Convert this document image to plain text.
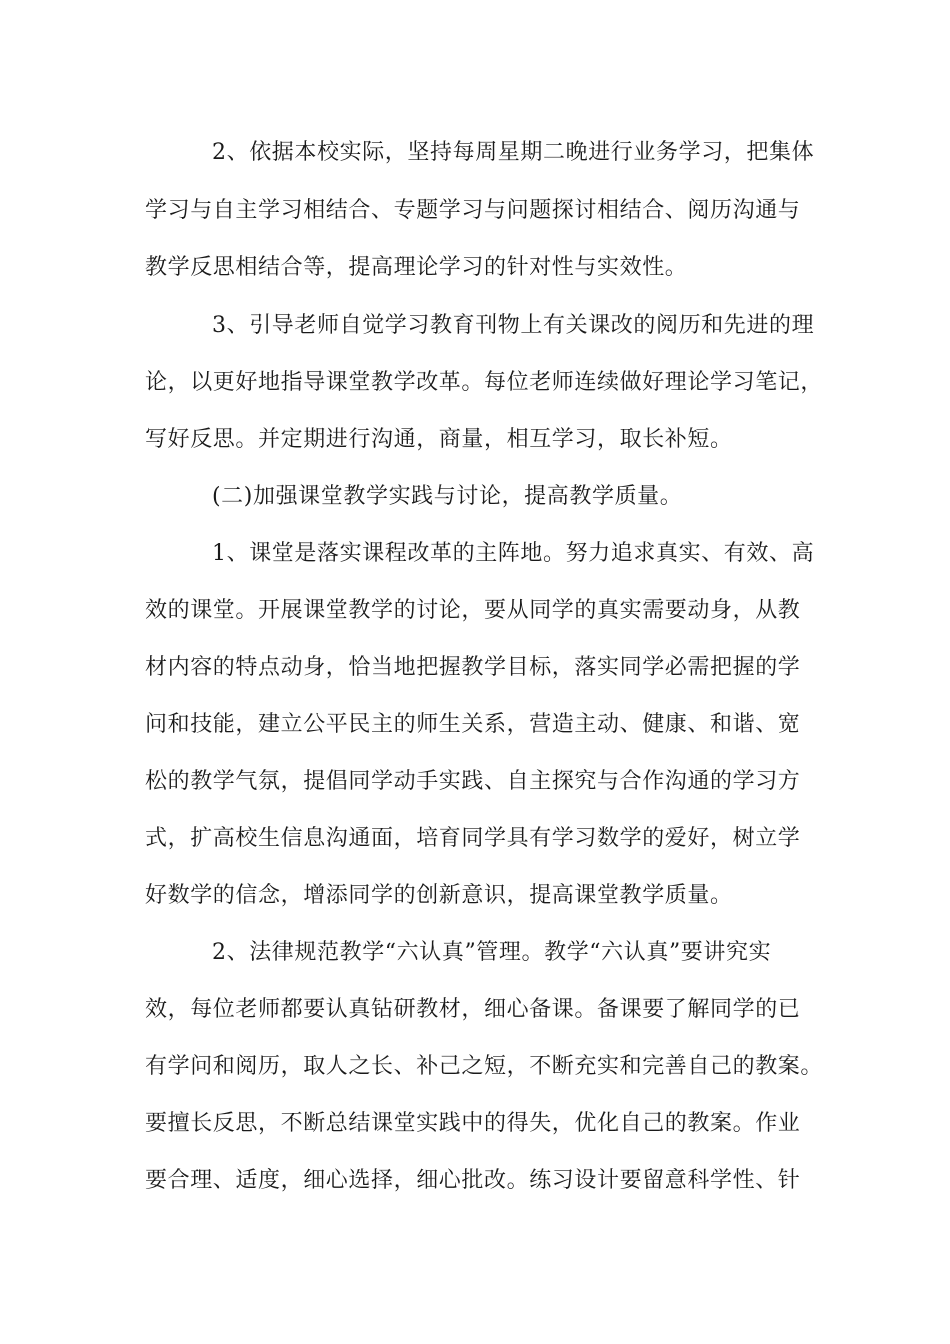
2、依据本校实际，坚持每周星期二晚进行业务学习，把集体
学习与自主学习相结合、专题学习与问题探讨相结合、阅历沟通与
教学反思相结合等，提高理论学习的针对性与实效性。
3、引导老师自觉学习教育刊物上有关课改的阅历和先进的理
论，以更好地指导课堂教学改革。每位老师连续做好理论学习笔记，
写好反思。并定期进行沟通，商量，相互学习，取长补短。
(二)加强课堂教学实践与讨论，提高教学质量。
1、课堂是落实课程改革的主阵地。努力追求真实、有效、高
效的课堂。开展课堂教学的讨论，要从同学的真实需要动身，从教
材内容的特点动身，恰当地把握教学目标，落实同学必需把握的学
问和技能，建立公平民主的师生关系，营造主动、健康、和谐、宽
松的教学气氛，提倡同学动手实践、自主探究与合作沟通的学习方
式，扩高校生信息沟通面，培育同学具有学习数学的爱好，树立学
好数学的信念，增添同学的创新意识，提高课堂教学质量。
2、法律规范教学“六认真”管理。教学“六认真”要讲究实
效，每位老师都要认真钻研教材，细心备课。备课要了解同学的已
有学问和阅历，取人之长、补己之短，不断充实和完善自己的教案。
要擅长反思，不断总结课堂实践中的得失，优化自己的教案。作业
要合理、适度，细心选择，细心批改。练习设计要留意科学性、针
